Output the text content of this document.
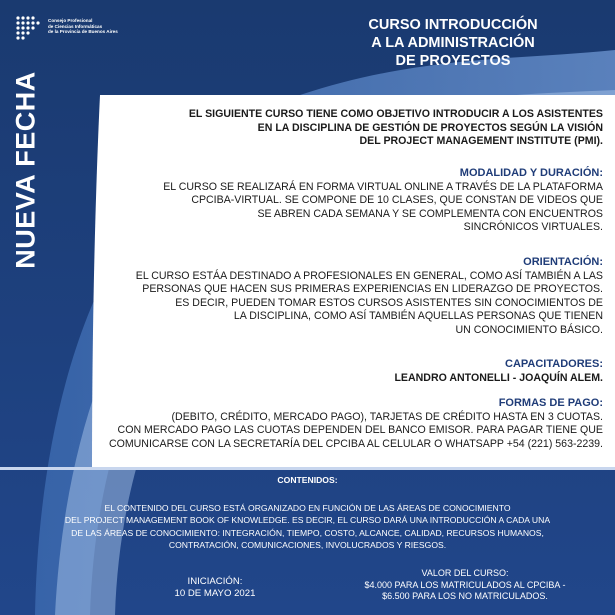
Consejo Profesional
de Ciencias Informáticas
de la Provincia de Buenos Aires
NUEVA FECHA
CURSO INTRODUCCIÓN
A LA ADMINISTRACIÓN
DE PROYECTOS
EL SIGUIENTE CURSO TIENE COMO OBJETIVO INTRODUCIR A LOS ASISTENTES
EN LA DISCIPLINA DE GESTIÓN DE PROYECTOS SEGÚN LA VISIÓN
DEL PROJECT MANAGEMENT INSTITUTE (PMI).
MODALIDAD Y DURACIÓN:
EL CURSO SE REALIZARÁ EN FORMA VIRTUAL ONLINE A TRAVÉS DE LA PLATAFORMA
CPCIBA-VIRTUAL. SE COMPONE DE 10 CLASES, QUE CONSTAN DE VIDEOS QUE
SE ABREN CADA SEMANA Y SE COMPLEMENTA CON ENCUENTROS
SINCRÓNICOS VIRTUALES.
ORIENTACIÓN:
EL CURSO ESTÁA DESTINADO A PROFESIONALES EN GENERAL, COMO ASÍ TAMBIÉN A LAS
PERSONAS QUE HACEN SUS PRIMERAS EXPERIENCIAS EN LIDERAZGO DE PROYECTOS.
ES DECIR, PUEDEN TOMAR ESTOS CURSOS ASISTENTES SIN CONOCIMIENTOS DE
LA DISCIPLINA, COMO ASÍ TAMBIÉN AQUELLAS PERSONAS QUE TIENEN
UN CONOCIMIENTO BÁSICO.
CAPACITADORES:
LEANDRO ANTONELLI - JOAQUÍN ALEM.
FORMAS DE PAGO:
(DEBITO, CRÉDITO, MERCADO PAGO), TARJETAS DE CRÉDITO HASTA EN 3 CUOTAS.
CON MERCADO PAGO LAS CUOTAS DEPENDEN DEL BANCO EMISOR. PARA PAGAR TIENE QUE
COMUNICARSE CON LA SECRETARÍA DEL CPCIBA AL CELULAR O WHATSAPP +54 (221) 563-2239.
CONTENIDOS:
EL CONTENIDO DEL CURSO ESTÁ ORGANIZADO EN FUNCIÓN DE LAS ÁREAS DE CONOCIMIENTO
DEL PROJECT MANAGEMENT BOOK OF KNOWLEDGE. ES DECIR, EL CURSO DARÁ UNA INTRODUCCIÓN A CADA UNA
DE LAS ÁREAS DE CONOCIMIENTO: INTEGRACIÓN, TIEMPO, COSTO, ALCANCE, CALIDAD, RECURSOS HUMANOS,
CONTRATACIÓN, COMUNICACIONES, INVOLUCRADOS Y RIESGOS.
INICIACIÓN:
10 DE MAYO 2021
VALOR DEL CURSO:
$4.000 PARA LOS MATRICULADOS AL CPCIBA -
$6.500 PARA LOS NO MATRICULADOS.
